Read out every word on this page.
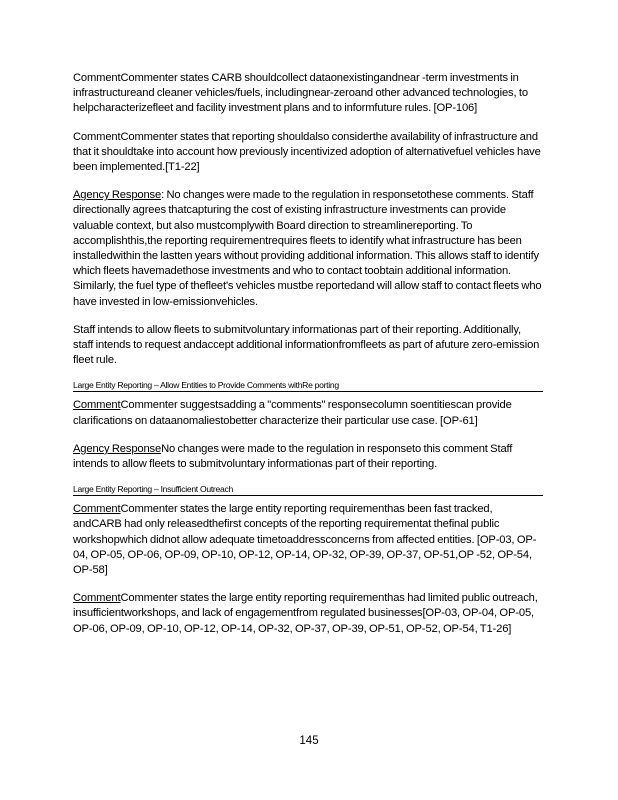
CommentCommenter states CARB shouldcollect dataonexistingandnear -term investments in infrastructureand cleaner vehicles/fuels, includingnear-zeroand other advanced technologies, to helpcharacterizefleet and facility investment plans and to informfuture rules. [OP-106]

CommentCommenter states that reporting shouldalso considerthe availability of infrastructure and that it shouldtake into account how previously incentivized adoption of alternativefuel vehicles have been implemented.[T1-22]

Agency Response: No changes were made to the regulation in responsetothese comments. Staff directionally agrees thatcapturing the cost of existing infrastructure investments can provide valuable context, but also mustcomplywith Board direction to streamlinereporting. To accomplishthis,the reporting requirementrequires fleets to identify what infrastructure has been installedwithin the lastten years without providing additional information. This allows staff to identify which fleets havemadethose investments and who to contact toobtain additional information. Similarly, the fuel type of thefleet's vehicles mustbe reportedand will allow staff to contact fleets who have invested in low-emissionvehicles.

Staff intends to allow fleets to submitvoluntary informationas part of their reporting. Additionally, staff intends to request andaccept additional informationfromfleets as part of afuture zero-emission fleet rule.

Large Entity Reporting – Allow Entities to Provide Comments withRe porting

CommentCommenter suggestsadding a "comments" responsecolumn soentitiescan provide clarifications on dataanomaliestobetter characterize their particular use case. [OP-61]

Agency ResponseNo changes were made to the regulation in responseto this comment Staff intends to allow fleets to submitvoluntary informationas part of their reporting.

Large Entity Reporting – Insufficient Outreach

CommentCommenter states the large entity reporting requirementhas been fast tracked, andCARB had only releasedthefirst concepts of the reporting requirementat thefinal public workshopwhich didnot allow adequate timetoaddressconcerns from affected entities. [OP-03, OP-04, OP-05, OP-06, OP-09, OP-10, OP-12, OP-14, OP-32, OP-39, OP-37, OP-51,OP -52, OP-54, OP-58]

CommentCommenter states the large entity reporting requirementhas had limited public outreach, insufficientworkshops, and lack of engagementfrom regulated businesses[OP-03, OP-04, OP-05, OP-06, OP-09, OP-10, OP-12, OP-14, OP-32, OP-37, OP-39, OP-51, OP-52, OP-54, T1-26]

145
